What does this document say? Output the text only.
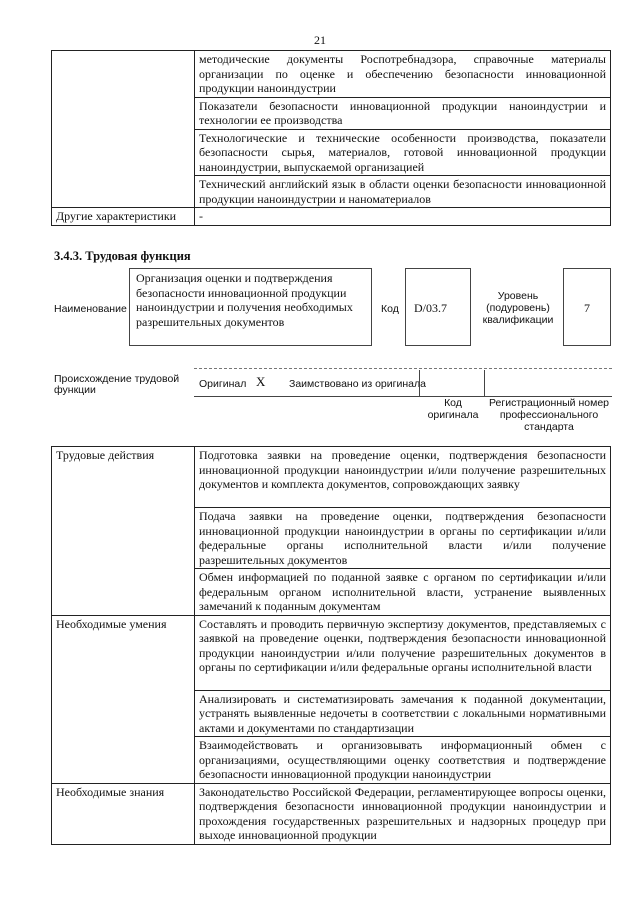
21
	методические документы Роспотребнадзора, справочные материалы организации по оценке и обеспечению безопасности инновационной продукции наноиндустрии
	Показатели безопасности инновационной продукции наноиндустрии и технологии ее производства
	Технологические и технические особенности производства, показатели безопасности сырья, материалов, готовой инновационной продукции наноиндустрии, выпускаемой организацией
	Технический английский язык в области оценки безопасности инновационной продукции наноиндустрии и наноматериалов
Другие характеристики	-
3.4.3. Трудовая функция
Наименование
Организация оценки и подтверждения безопасности инновационной продукции наноиндустрии и получения необходимых разрешительных документов
Код	D/03.7
Уровень (подуровень) квалификации
7
Происхождение трудовой функции	Оригинал X Заимствовано из оригинала
Код оригинала
Регистрационный номер профессионального стандарта
Трудовые действия	Подготовка заявки на проведение оценки, подтверждения безопасности инновационной продукции наноиндустрии и/или получение разрешительных документов и комплекта документов, сопровождающих заявку
	Подача заявки на проведение оценки, подтверждения безопасности инновационной продукции наноиндустрии в органы по сертификации и/или федеральные органы исполнительной власти и/или получение разрешительных документов
	Обмен информацией по поданной заявке с органом по сертификации и/или федеральным органом исполнительной власти, устранение выявленных замечаний к поданным документам
Необходимые умения	Составлять и проводить первичную экспертизу документов, представляемых с заявкой на проведение оценки, подтверждения безопасности инновационной продукции наноиндустрии и/или получение разрешительных документов в органы по сертификации и/или федеральные органы исполнительной власти
	Анализировать и систематизировать замечания к поданной документации, устранять выявленные недочеты в соответствии с локальными нормативными актами и документами по стандартизации
	Взаимодействовать и организовывать информационный обмен с организациями, осуществляющими оценку соответствия и подтверждение безопасности инновационной продукции наноиндустрии
Необходимые знания	Законодательство Российской Федерации, регламентирующее вопросы оценки, подтверждения безопасности инновационной продукции наноиндустрии и прохождения государственных разрешительных и надзорных процедур при выходе инновационной продукции
